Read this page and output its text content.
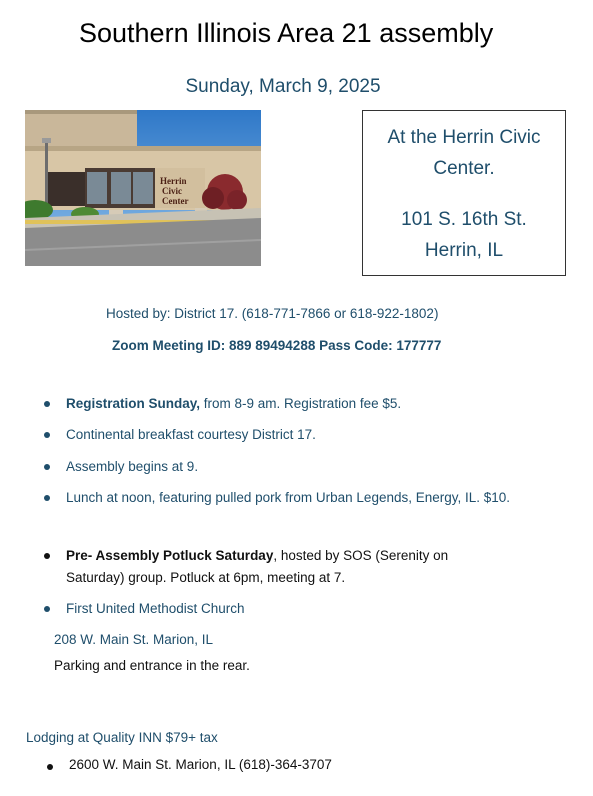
Southern Illinois Area 21 assembly
Sunday, March 9, 2025
Herrin
Civic
Center
At the Herrin Civic
Center.
101 S. 16th St.
Herrin, IL
Hosted by: District 17. (618-771-7866 or 618-922-1802)
Zoom Meeting ID: 889 89494288 Pass Code: 177777
Registration Sunday, from 8-9 am. Registration fee $5.
Continental breakfast courtesy District 17.
Assembly begins at 9.
Lunch at noon, featuring pulled pork from Urban Legends, Energy, IL. $10.
Pre- Assembly Potluck Saturday, hosted by SOS (Serenity on
Saturday) group. Potluck at 6pm, meeting at 7.
First United Methodist Church
208 W. Main St. Marion, IL
Parking and entrance in the rear.
Lodging at Quality INN $79+ tax
2600 W. Main St. Marion, IL (618)-364-3707
